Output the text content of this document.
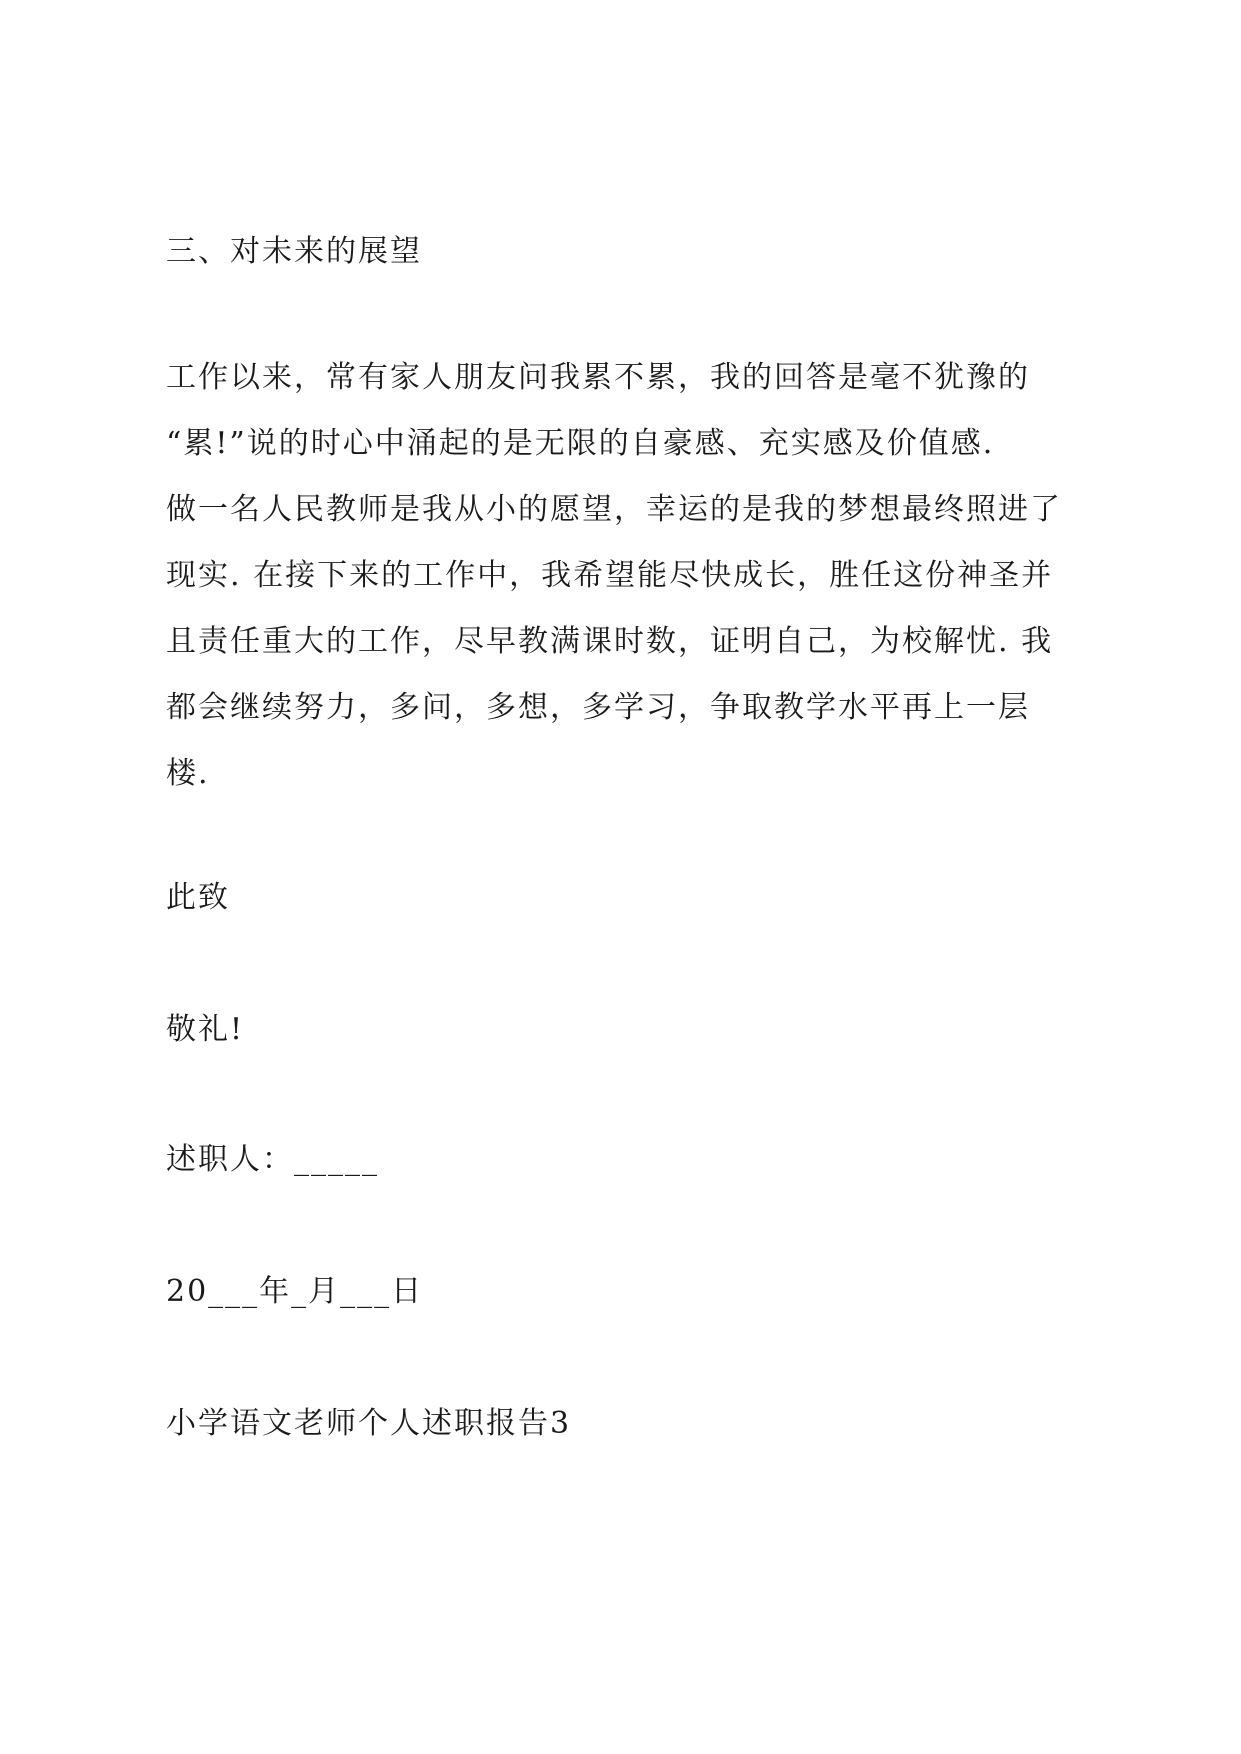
三、对未来的展望
工作以来，常有家人朋友问我累不累，我的回答是毫不犹豫的
“累!”说的时心中涌起的是无限的自豪感、充实感及价值感.
做一名人民教师是我从小的愿望，幸运的是我的梦想最终照进了
现实. 在接下来的工作中，我希望能尽快成长，胜任这份神圣并
且责任重大的工作，尽早教满课时数，证明自己，为校解忧. 我
都会继续努力，多问，多想，多学习，争取教学水平再上一层
楼.
此致
敬礼!
述职人：_____
20___年_月___日
小学语文老师个人述职报告3
